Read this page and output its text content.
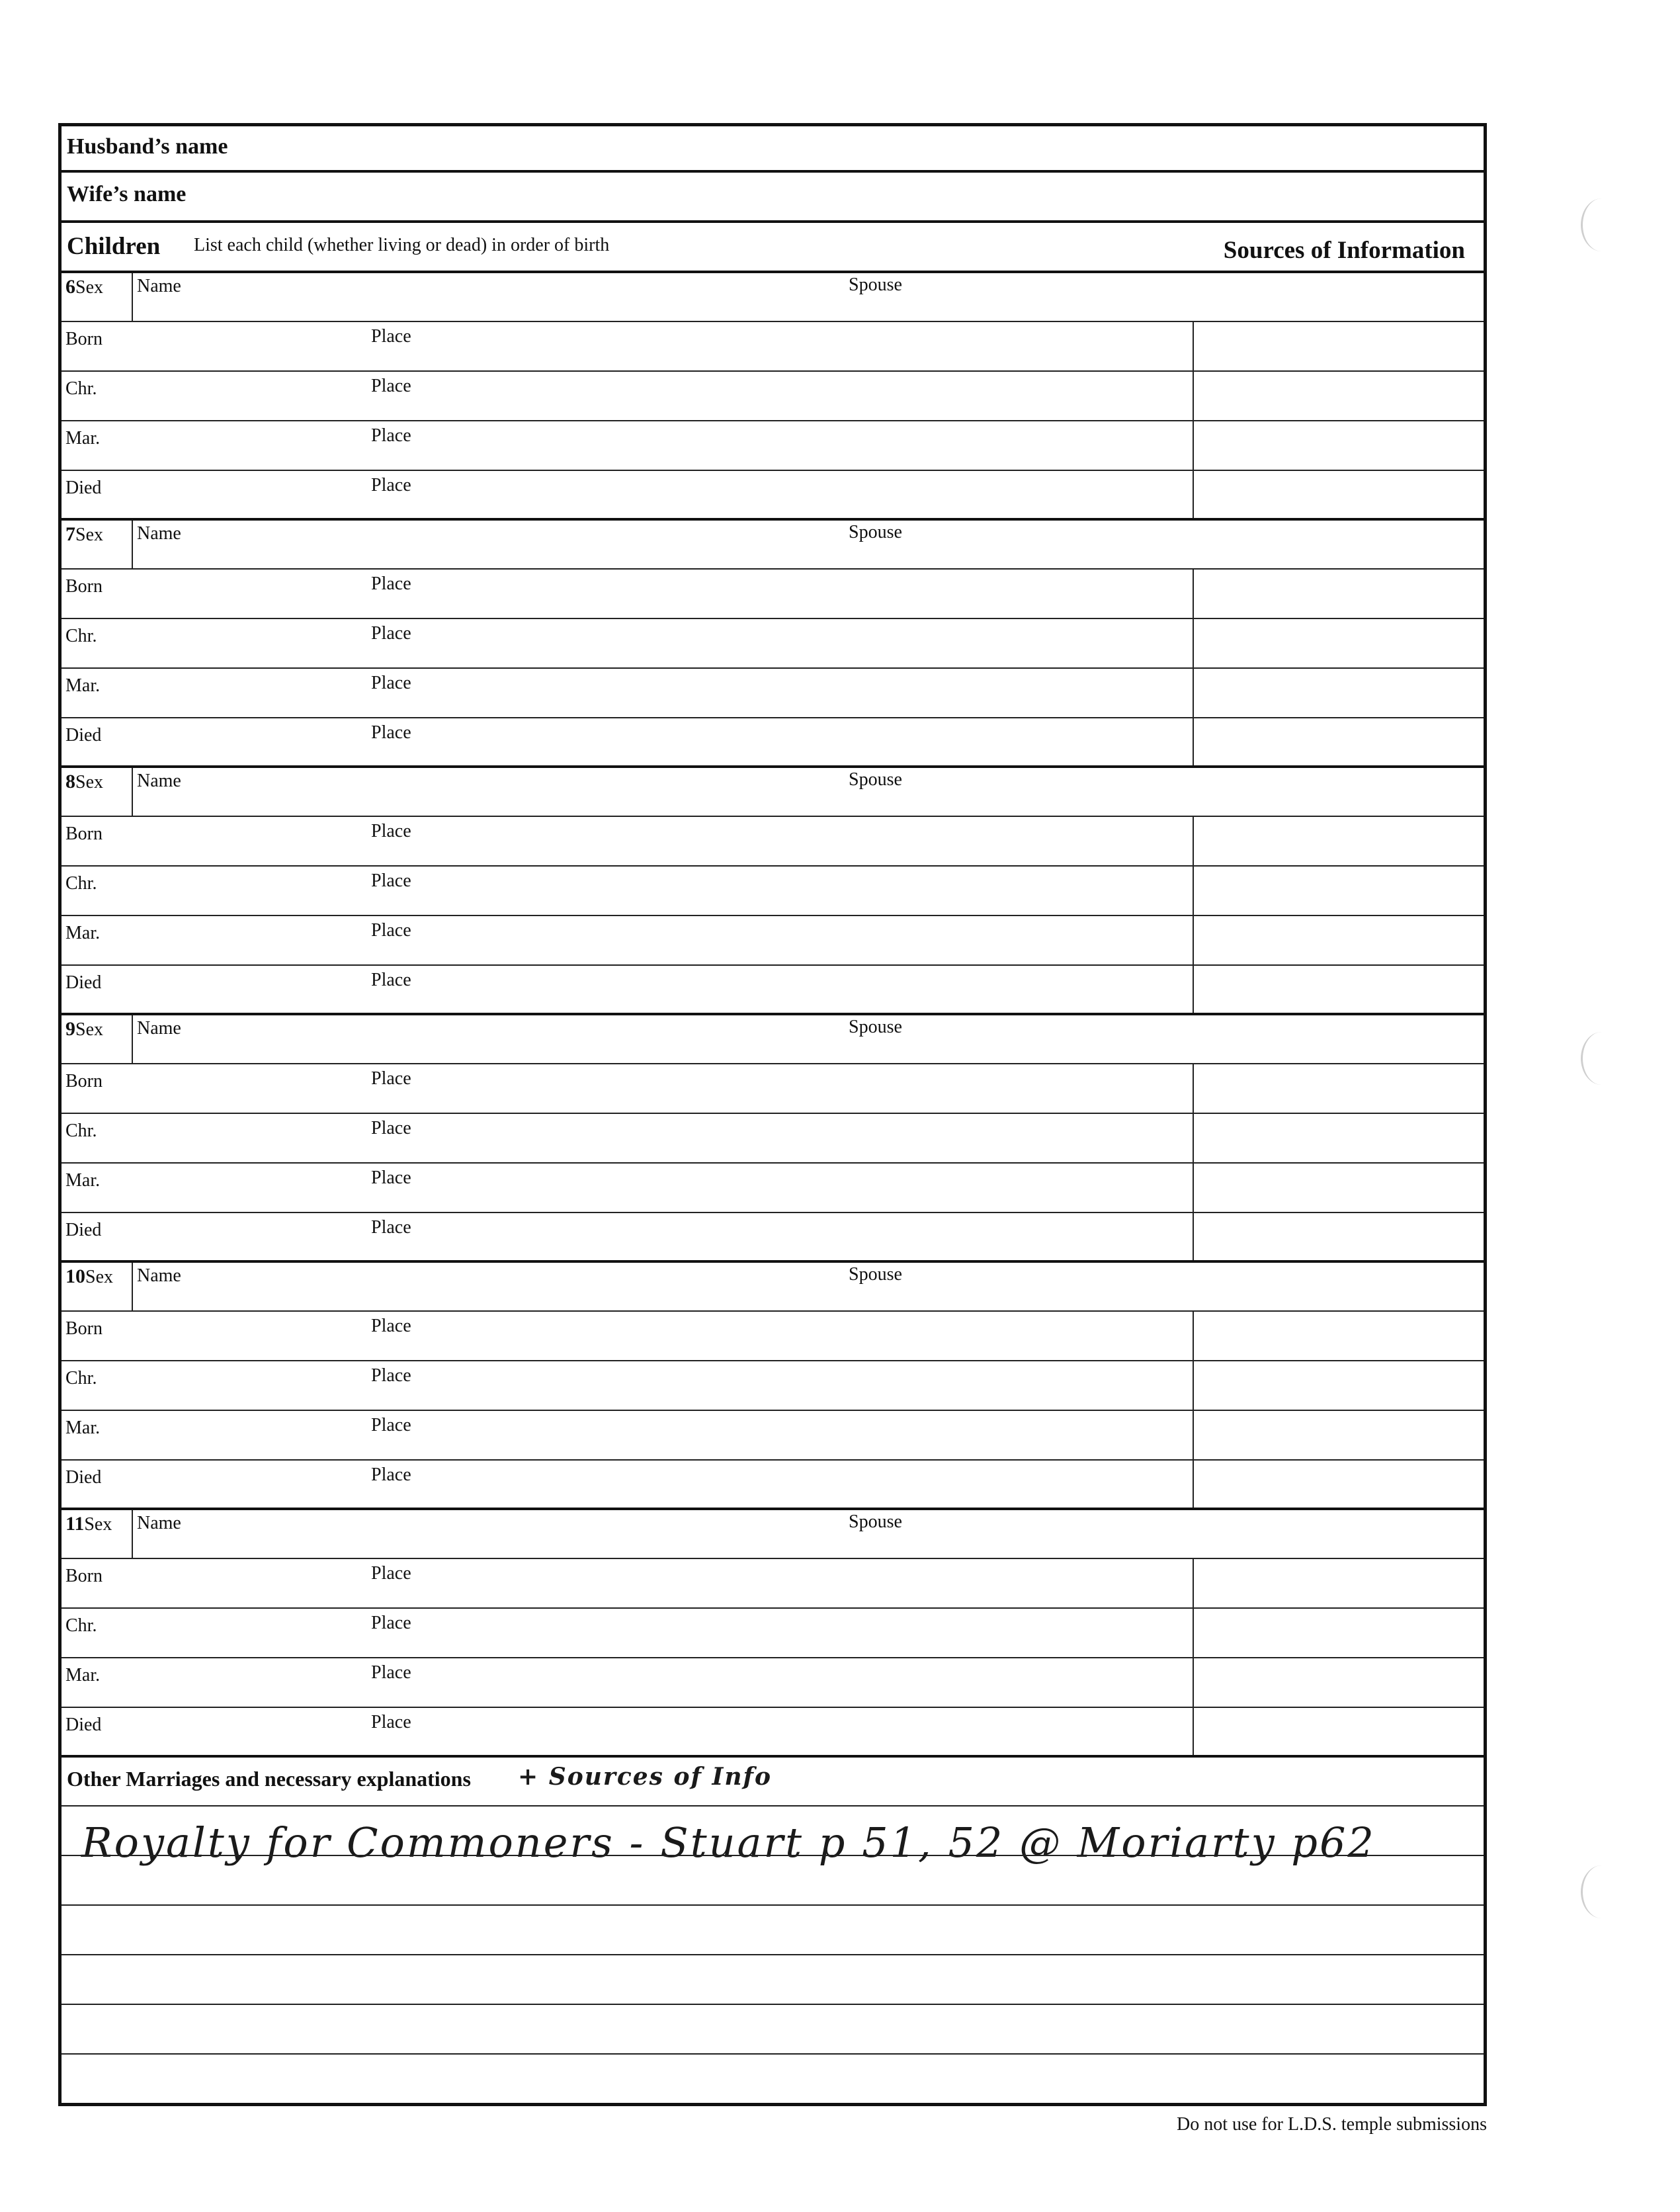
Husband’s name
Wife’s name
Children List each child (whether living or dead) in order of birth	Sources of Information
6Sex Name	Spouse
Born	Place
Chr.	Place
Mar.	Place
Died	Place
7Sex Name	Spouse
Born	Place
Chr.	Place
Mar.	Place
Died	Place
8Sex Name	Spouse
Born	Place
Chr.	Place
Mar.	Place
Died	Place
9Sex Name	Spouse
Born	Place
Chr.	Place
Mar.	Place
Died	Place
10Sex Name	Spouse
Born	Place
Chr.	Place
Mar.	Place
Died	Place
11Sex Name	Spouse
Born	Place
Chr.	Place
Mar.	Place
Died	Place
Other Marriages and necessary explanations + Sources of Info
Royalty for Commoners - Stuart p 51, 52 @ Moriarty p62
Do not use for L.D.S. temple submissions
